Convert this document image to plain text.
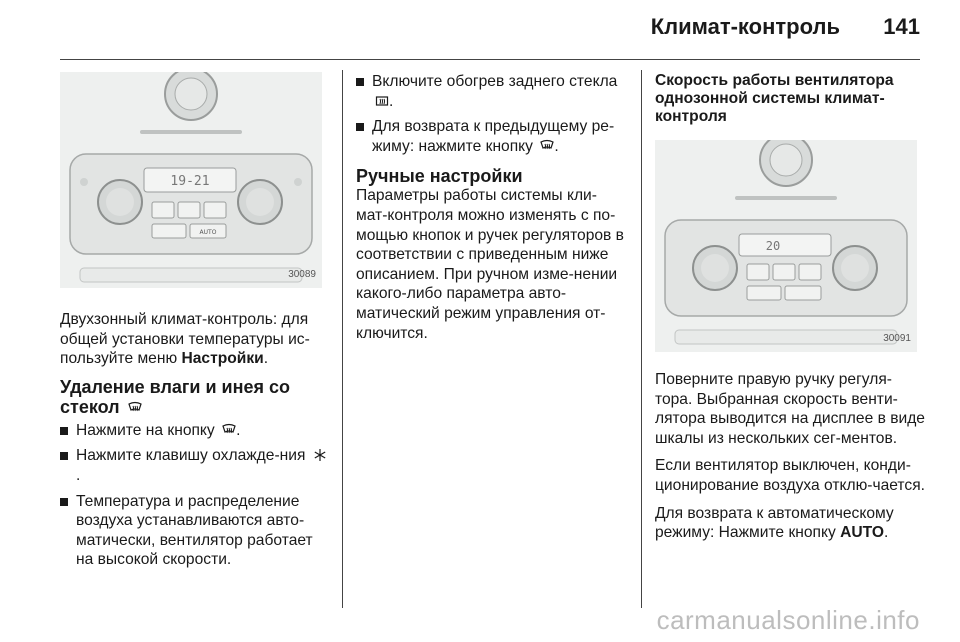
Климат-контроль 141
19-21
AUTO
30089

Двухзонный климат-контроль: для общей установки температуры ис-пользуйте меню Настройки.

Удаление влаги и инея со стекол
Нажмите на кнопку .
Нажмите клавишу охлажде-ния .
Температура и распределение воздуха устанавливаются авто-матически, вентилятор работает на высокой скорости.
Включите обогрев заднего стекла .
Для возврата к предыдущему ре-жиму: нажмите кнопку .
Ручные настройки

Параметры работы системы кли-мат-контроля можно изменять с по-мощью кнопок и ручек регуляторов в соответствии с приведенным ниже описанием. При ручном изме-нении какого-либо параметра авто-матический режим управления от-ключится.

Скорость работы вентилятора однозонной системы климат-контроля
20
30091

Поверните правую ручку регуля-тора. Выбранная скорость венти-лятора выводится на дисплее в виде шкалы из нескольких сег-ментов.

Если вентилятор выключен, конди-ционирование воздуха отклю-чается.

Для возврата к автоматическому режиму: Нажмите кнопку AUTO.

carmanualsonline.info
